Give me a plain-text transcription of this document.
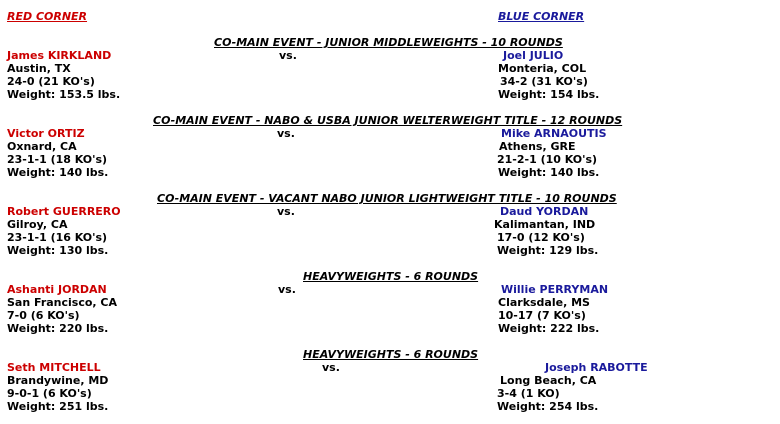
RED CORNER	BLUE CORNER
CO-MAIN EVENT - JUNIOR MIDDLEWEIGHTS - 10 ROUNDS
James KIRKLAND	vs.	Joel JULIO
Austin, TX	Monteria, COL
24-0 (21 KO's)	34-2 (31 KO's)
Weight: 153.5 lbs.	Weight: 154 lbs.
CO-MAIN EVENT - NABO & USBA JUNIOR WELTERWEIGHT TITLE - 12 ROUNDS
Victor ORTIZ	vs.	Mike ARNAOUTIS
Oxnard, CA	Athens, GRE
23-1-1 (18 KO's)	21-2-1 (10 KO's)
Weight: 140 lbs.	Weight: 140 lbs.
CO-MAIN EVENT - VACANT NABO JUNIOR LIGHTWEIGHT TITLE - 10 ROUNDS
Robert GUERRERO	vs.	Daud YORDAN
Gilroy, CA	Kalimantan, IND
23-1-1 (16 KO's)	17-0 (12 KO's)
Weight: 130 lbs.	Weight: 129 lbs.
HEAVYWEIGHTS - 6 ROUNDS
Ashanti JORDAN	vs.	Willie PERRYMAN
San Francisco, CA	Clarksdale, MS
7-0 (6 KO's)	10-17 (7 KO's)
Weight: 220 lbs.	Weight: 222 lbs.
HEAVYWEIGHTS - 6 ROUNDS
Seth MITCHELL	vs.	Joseph RABOTTE
Brandywine, MD	Long Beach, CA
9-0-1 (6 KO's)	3-4 (1 KO)
Weight: 251 lbs.	Weight: 254 lbs.
